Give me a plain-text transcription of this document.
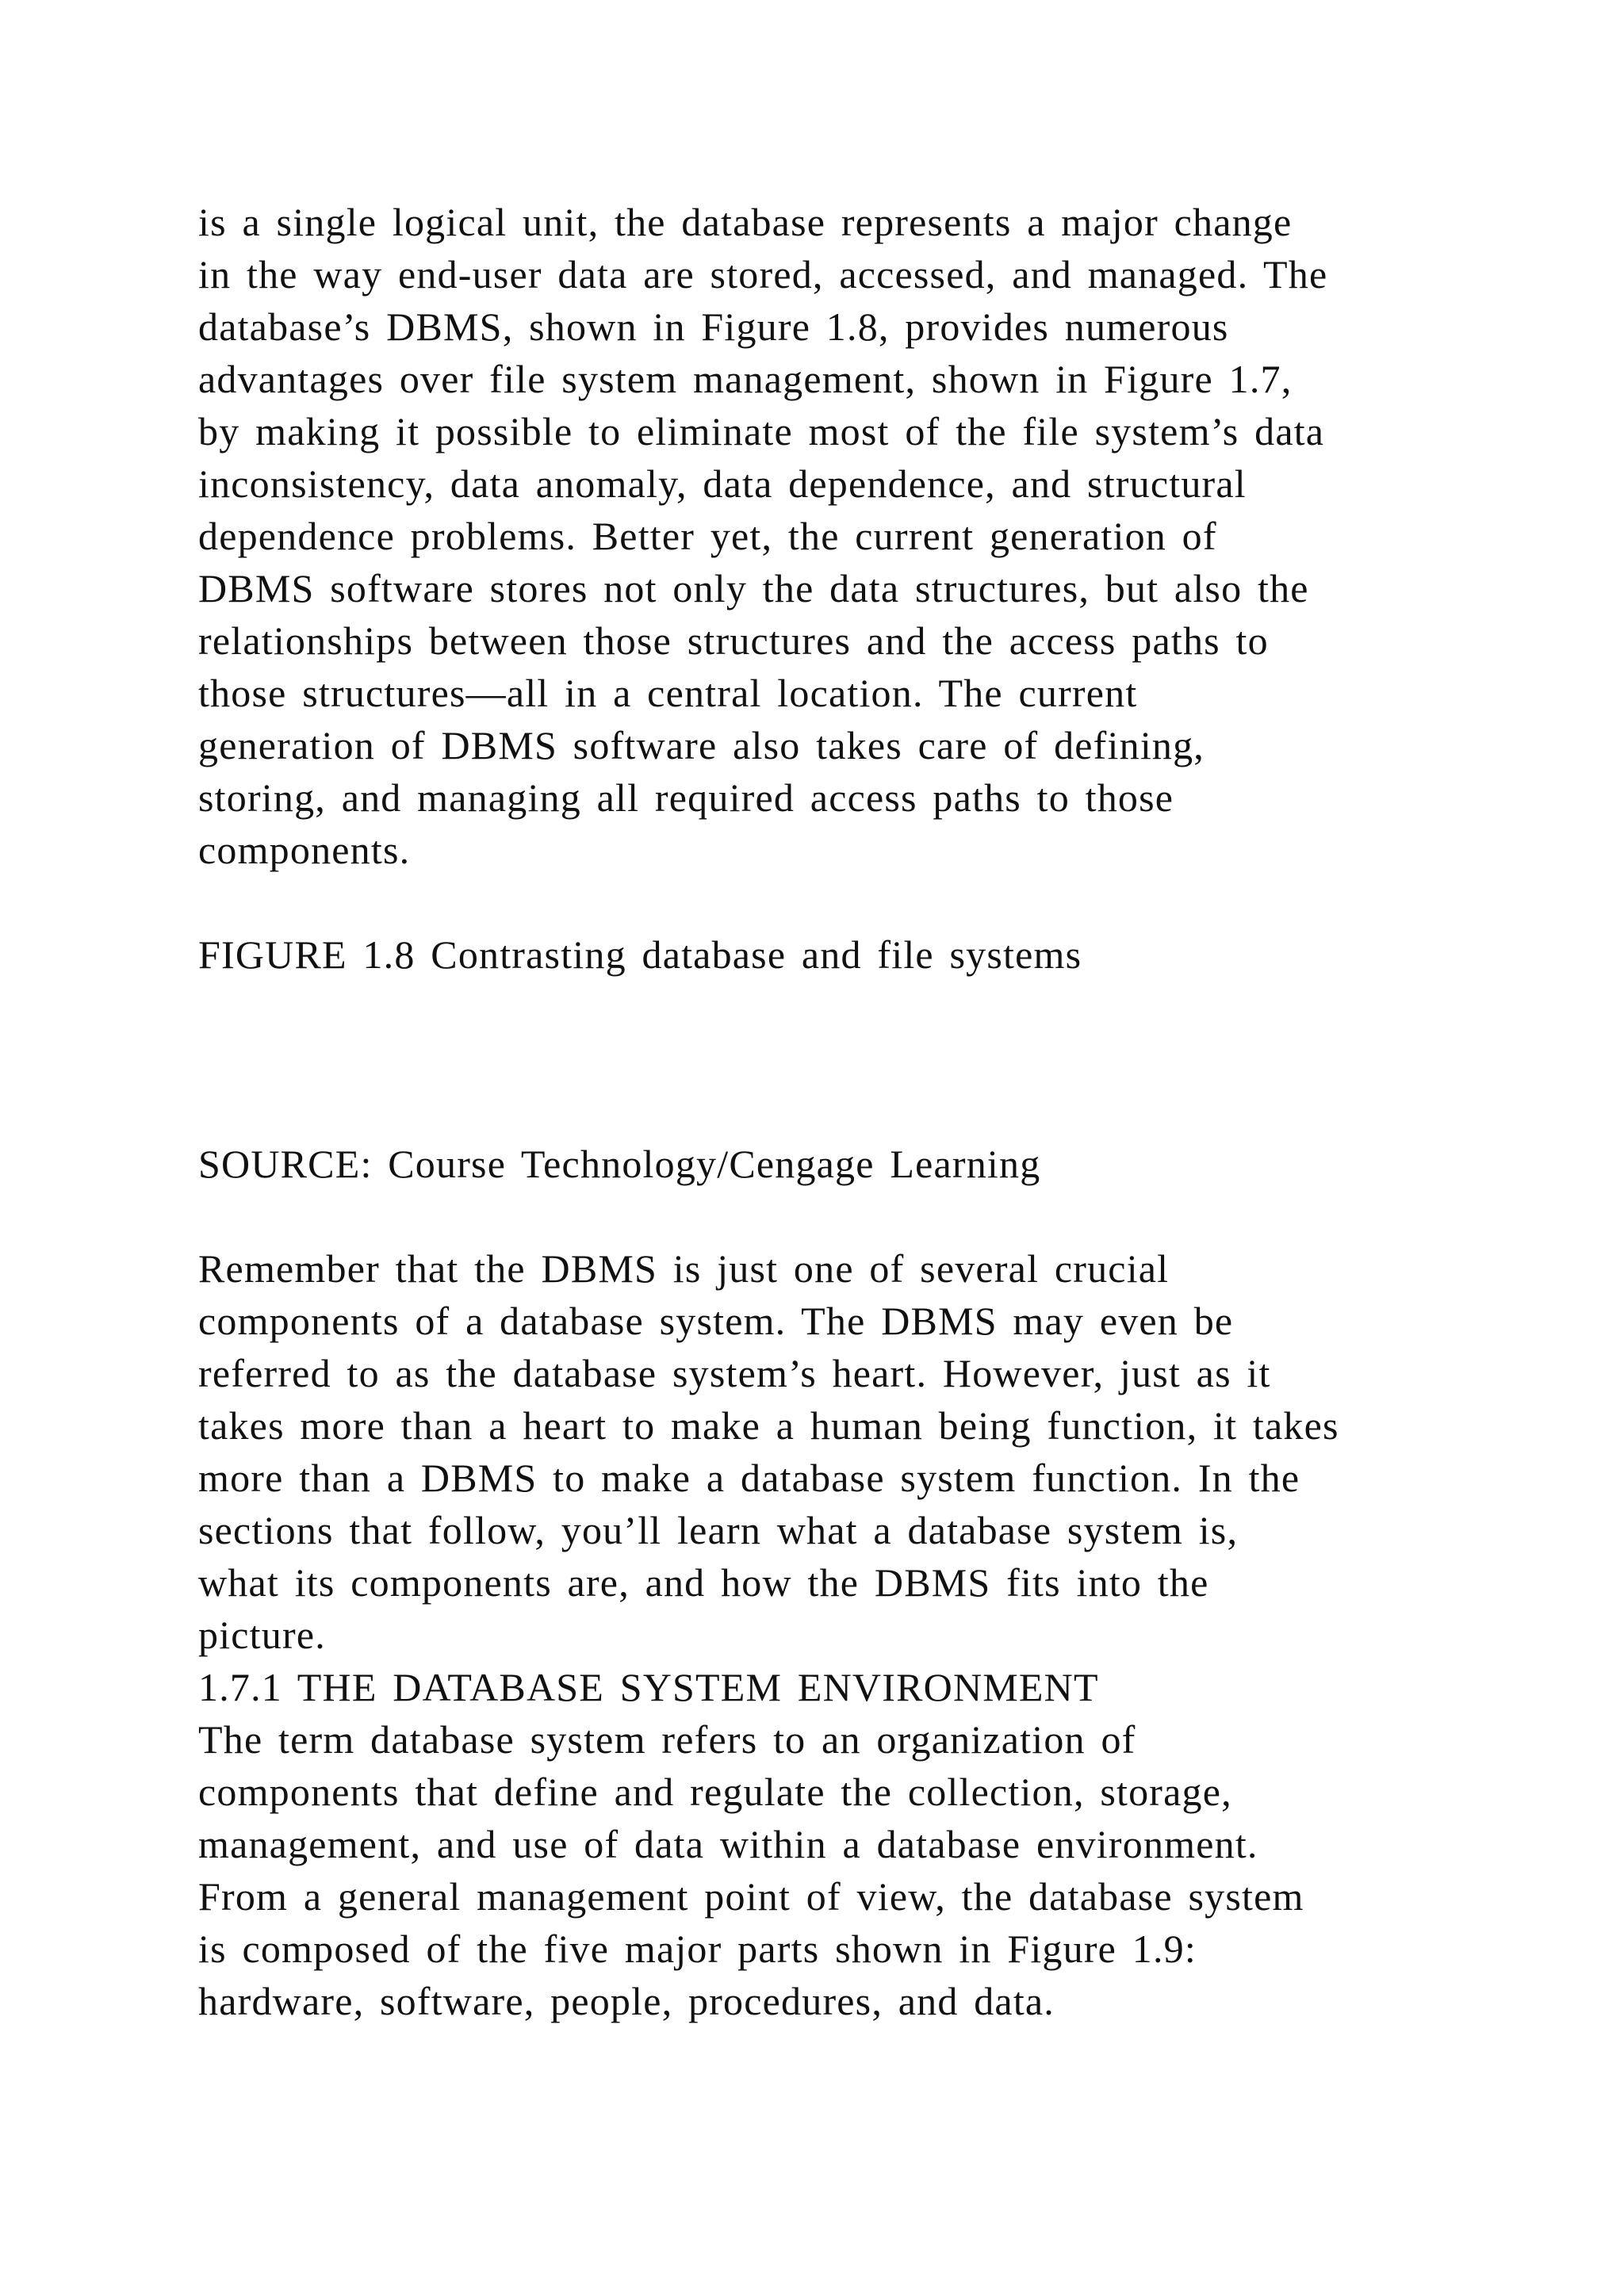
is a single logical unit, the database represents a major change
in the way end-user data are stored, accessed, and managed. The
database’s DBMS, shown in Figure 1.8, provides numerous
advantages over file system management, shown in Figure 1.7,
by making it possible to eliminate most of the file system’s data
inconsistency, data anomaly, data dependence, and structural
dependence problems. Better yet, the current generation of
DBMS software stores not only the data structures, but also the
relationships between those structures and the access paths to
those structures—all in a central location. The current
generation of DBMS software also takes care of defining,
storing, and managing all required access paths to those
components.
FIGURE 1.8 Contrasting database and file systems
SOURCE: Course Technology/Cengage Learning
Remember that the DBMS is just one of several crucial
components of a database system. The DBMS may even be
referred to as the database system’s heart. However, just as it
takes more than a heart to make a human being function, it takes
more than a DBMS to make a database system function. In the
sections that follow, you’ll learn what a database system is,
what its components are, and how the DBMS fits into the
picture.
1.7.1 THE DATABASE SYSTEM ENVIRONMENT
The term database system refers to an organization of
components that define and regulate the collection, storage,
management, and use of data within a database environment.
From a general management point of view, the database system
is composed of the five major parts shown in Figure 1.9:
hardware, software, people, procedures, and data.
